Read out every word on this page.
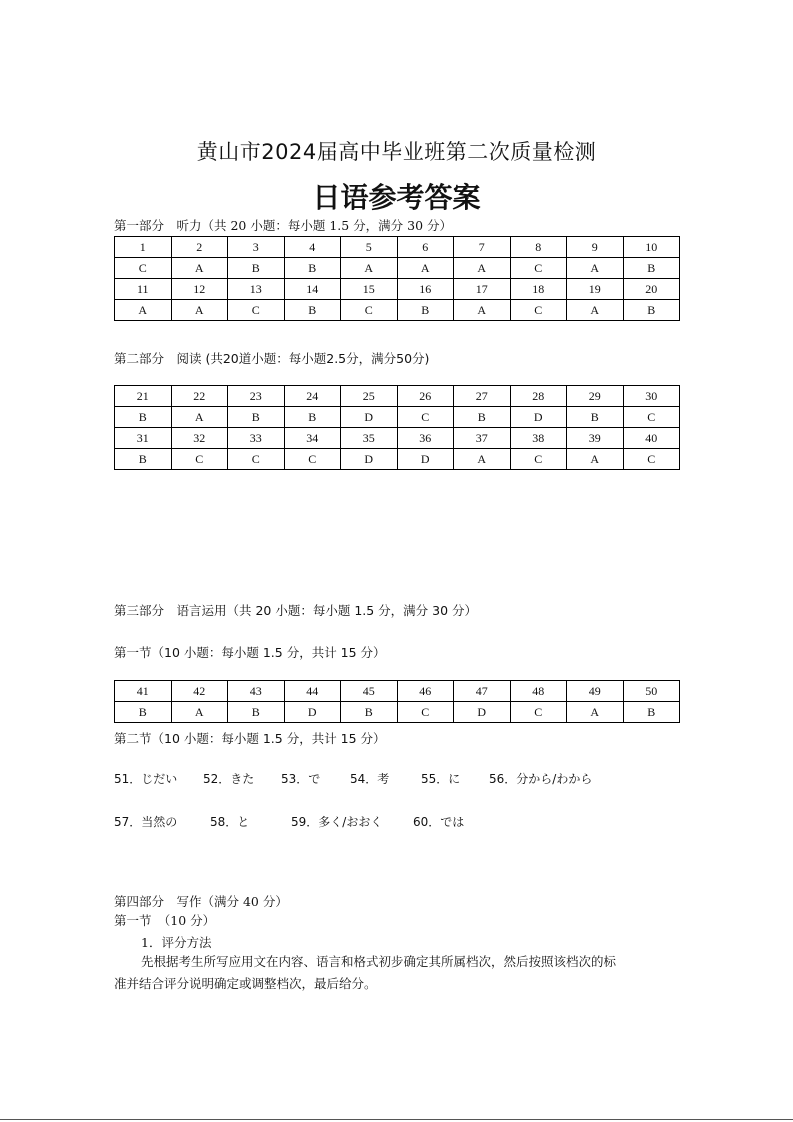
黄山市2024届高中毕业班第二次质量检测
日语参考答案
第一部分　听力（共 20 小题：每小题 1.5 分，满分 30 分）
1	2	3	4	5	6	7	8	9	10
C	A	B	B	A	A	A	C	A	B
11	12	13	14	15	16	17	18	19	20
A	A	C	B	C	B	A	C	A	B
第二部分　阅读 (共20道小题：每小题2.5分，满分50分)
21	22	23	24	25	26	27	28	29	30
B	A	B	B	D	C	B	D	B	C
31	32	33	34	35	36	37	38	39	40
B	C	C	C	D	D	A	C	A	C
第三部分　语言运用（共 20 小题：每小题 1.5 分，满分 30 分）
第一节（10 小题：每小题 1.5 分，共计 15 分）
41	42	43	44	45	46	47	48	49	50
B	A	B	D	B	C	D	C	A	B
第二节（10 小题：每小题 1.5 分，共计 15 分）
51．じだい 52．きた 53．で 54．考	55．に 56．分から/わから
57．当然の	58．と	59．多く/おおく	60．では
第四部分　写作（满分 40 分）
第一节　（10 分）
1．评分方法
先根据考生所写应用文在内容、语言和格式初步确定其所属档次，然后按照该档次的标
准并结合评分说明确定或调整档次，最后给分。
